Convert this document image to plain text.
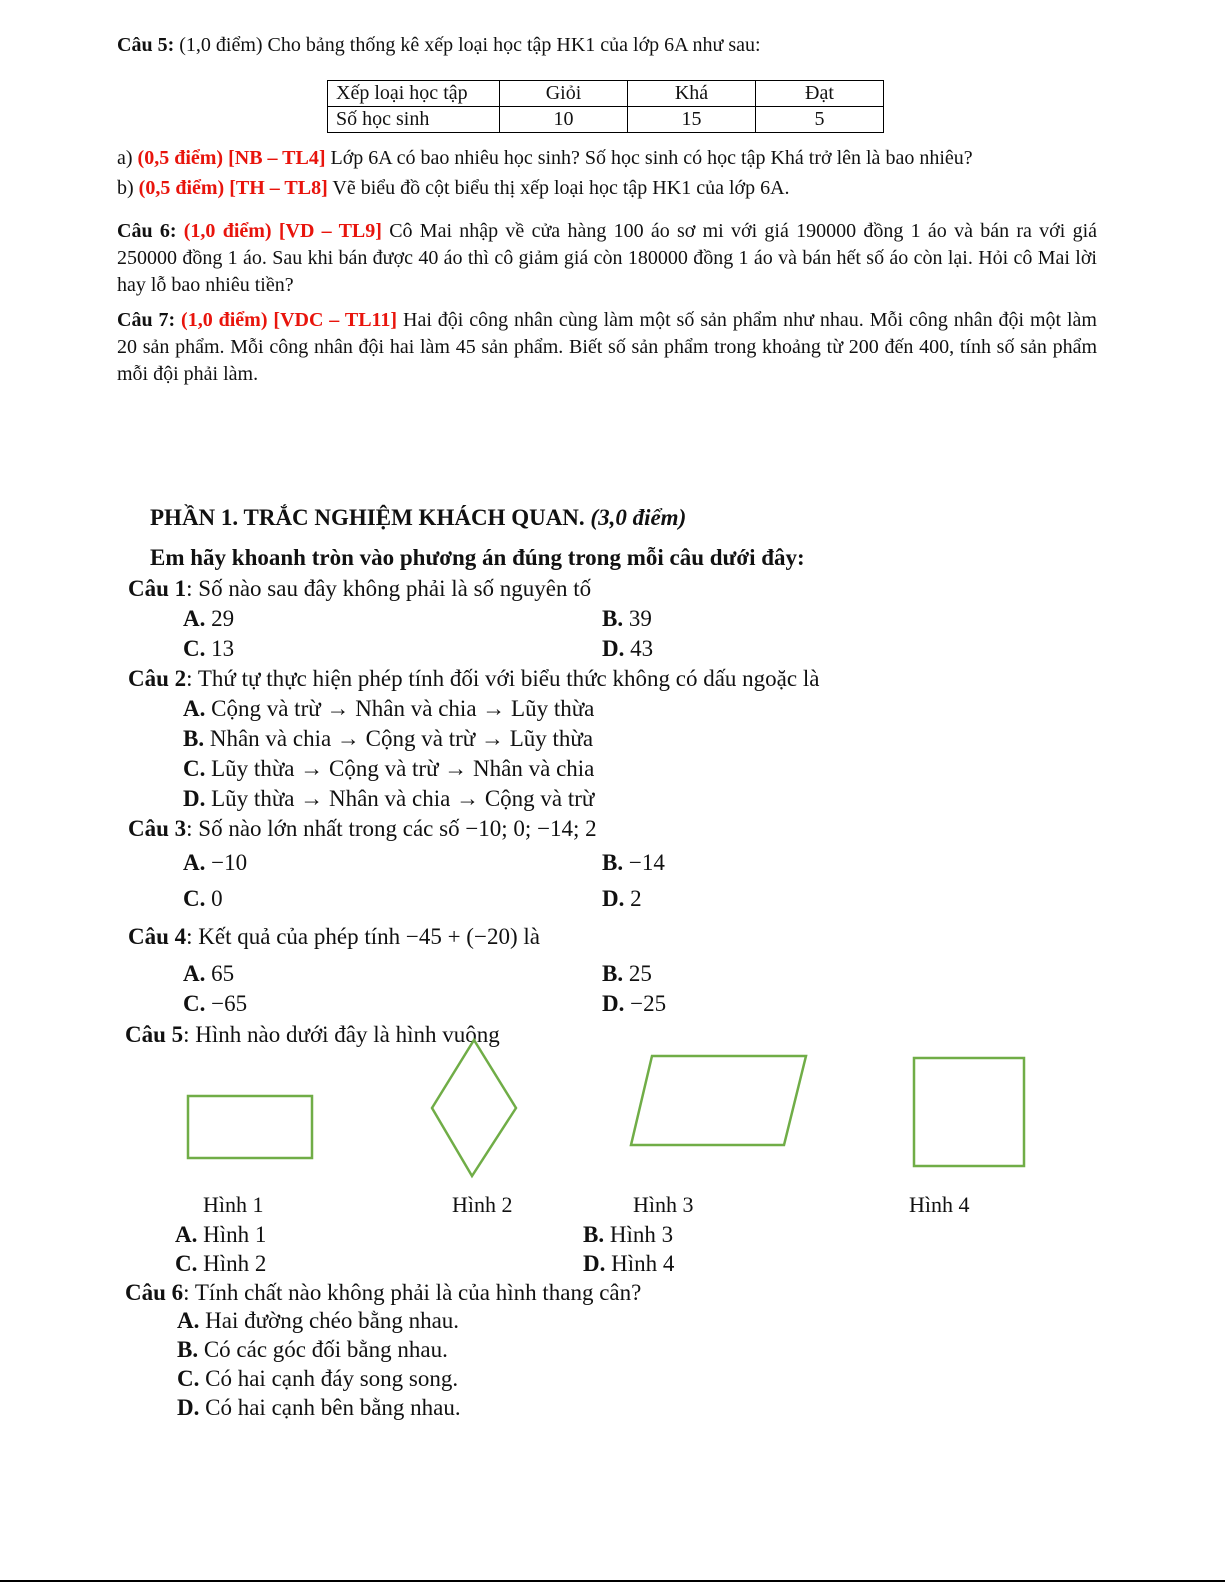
Câu 5: (1,0 điểm) Cho bảng thống kê xếp loại học tập HK1 của lớp 6A như sau:
Xếp loại học tập	Giỏi	Khá	Đạt
Số học sinh	10	15	5
a) (0,5 điểm) [NB – TL4] Lớp 6A có bao nhiêu học sinh? Số học sinh có học tập Khá trở lên là bao nhiêu?
b) (0,5 điểm) [TH – TL8] Vẽ biểu đồ cột biểu thị xếp loại học tập HK1 của lớp 6A.
Câu 6: (1,0 điểm) [VD – TL9] Cô Mai nhập về cửa hàng 100 áo sơ mi với giá 190000 đồng 1 áo và bán ra với giá 250000 đồng 1 áo. Sau khi bán được 40 áo thì cô giảm giá còn 180000 đồng 1 áo và bán hết số áo còn lại. Hỏi cô Mai lời hay lỗ bao nhiêu tiền?
Câu 7: (1,0 điểm) [VDC – TL11] Hai đội công nhân cùng làm một số sản phẩm như nhau. Mỗi công nhân đội một làm 20 sản phẩm. Mỗi công nhân đội hai làm 45 sản phẩm. Biết số sản phẩm trong khoảng từ 200 đến 400, tính số sản phẩm mỗi đội phải làm.
PHẦN 1. TRẮC NGHIỆM KHÁCH QUAN. (3,0 điểm)
Em hãy khoanh tròn vào phương án đúng trong mỗi câu dưới đây:
Câu 1: Số nào sau đây không phải là số nguyên tố
A. 29	B. 39
C. 13	D. 43
Câu 2: Thứ tự thực hiện phép tính đối với biểu thức không có dấu ngoặc là
A. Cộng và trừ → Nhân và chia → Lũy thừa
B. Nhân và chia → Cộng và trừ → Lũy thừa
C. Lũy thừa → Cộng và trừ → Nhân và chia
D. Lũy thừa → Nhân và chia → Cộng và trừ
Câu 3: Số nào lớn nhất trong các số −10; 0; −14; 2
A. −10	B. −14
C. 0	D. 2
Câu 4: Kết quả của phép tính −45 + (−20) là
A. 65	B. 25
C. −65	D. −25
Câu 5: Hình nào dưới đây là hình vuông
Hình 1	Hình 2	Hình 3	Hình 4
A. Hình 1	B. Hình 3
C. Hình 2	D. Hình 4
Câu 6: Tính chất nào không phải là của hình thang cân?
A. Hai đường chéo bằng nhau.
B. Có các góc đối bằng nhau.
C. Có hai cạnh đáy song song.
D. Có hai cạnh bên bằng nhau.
